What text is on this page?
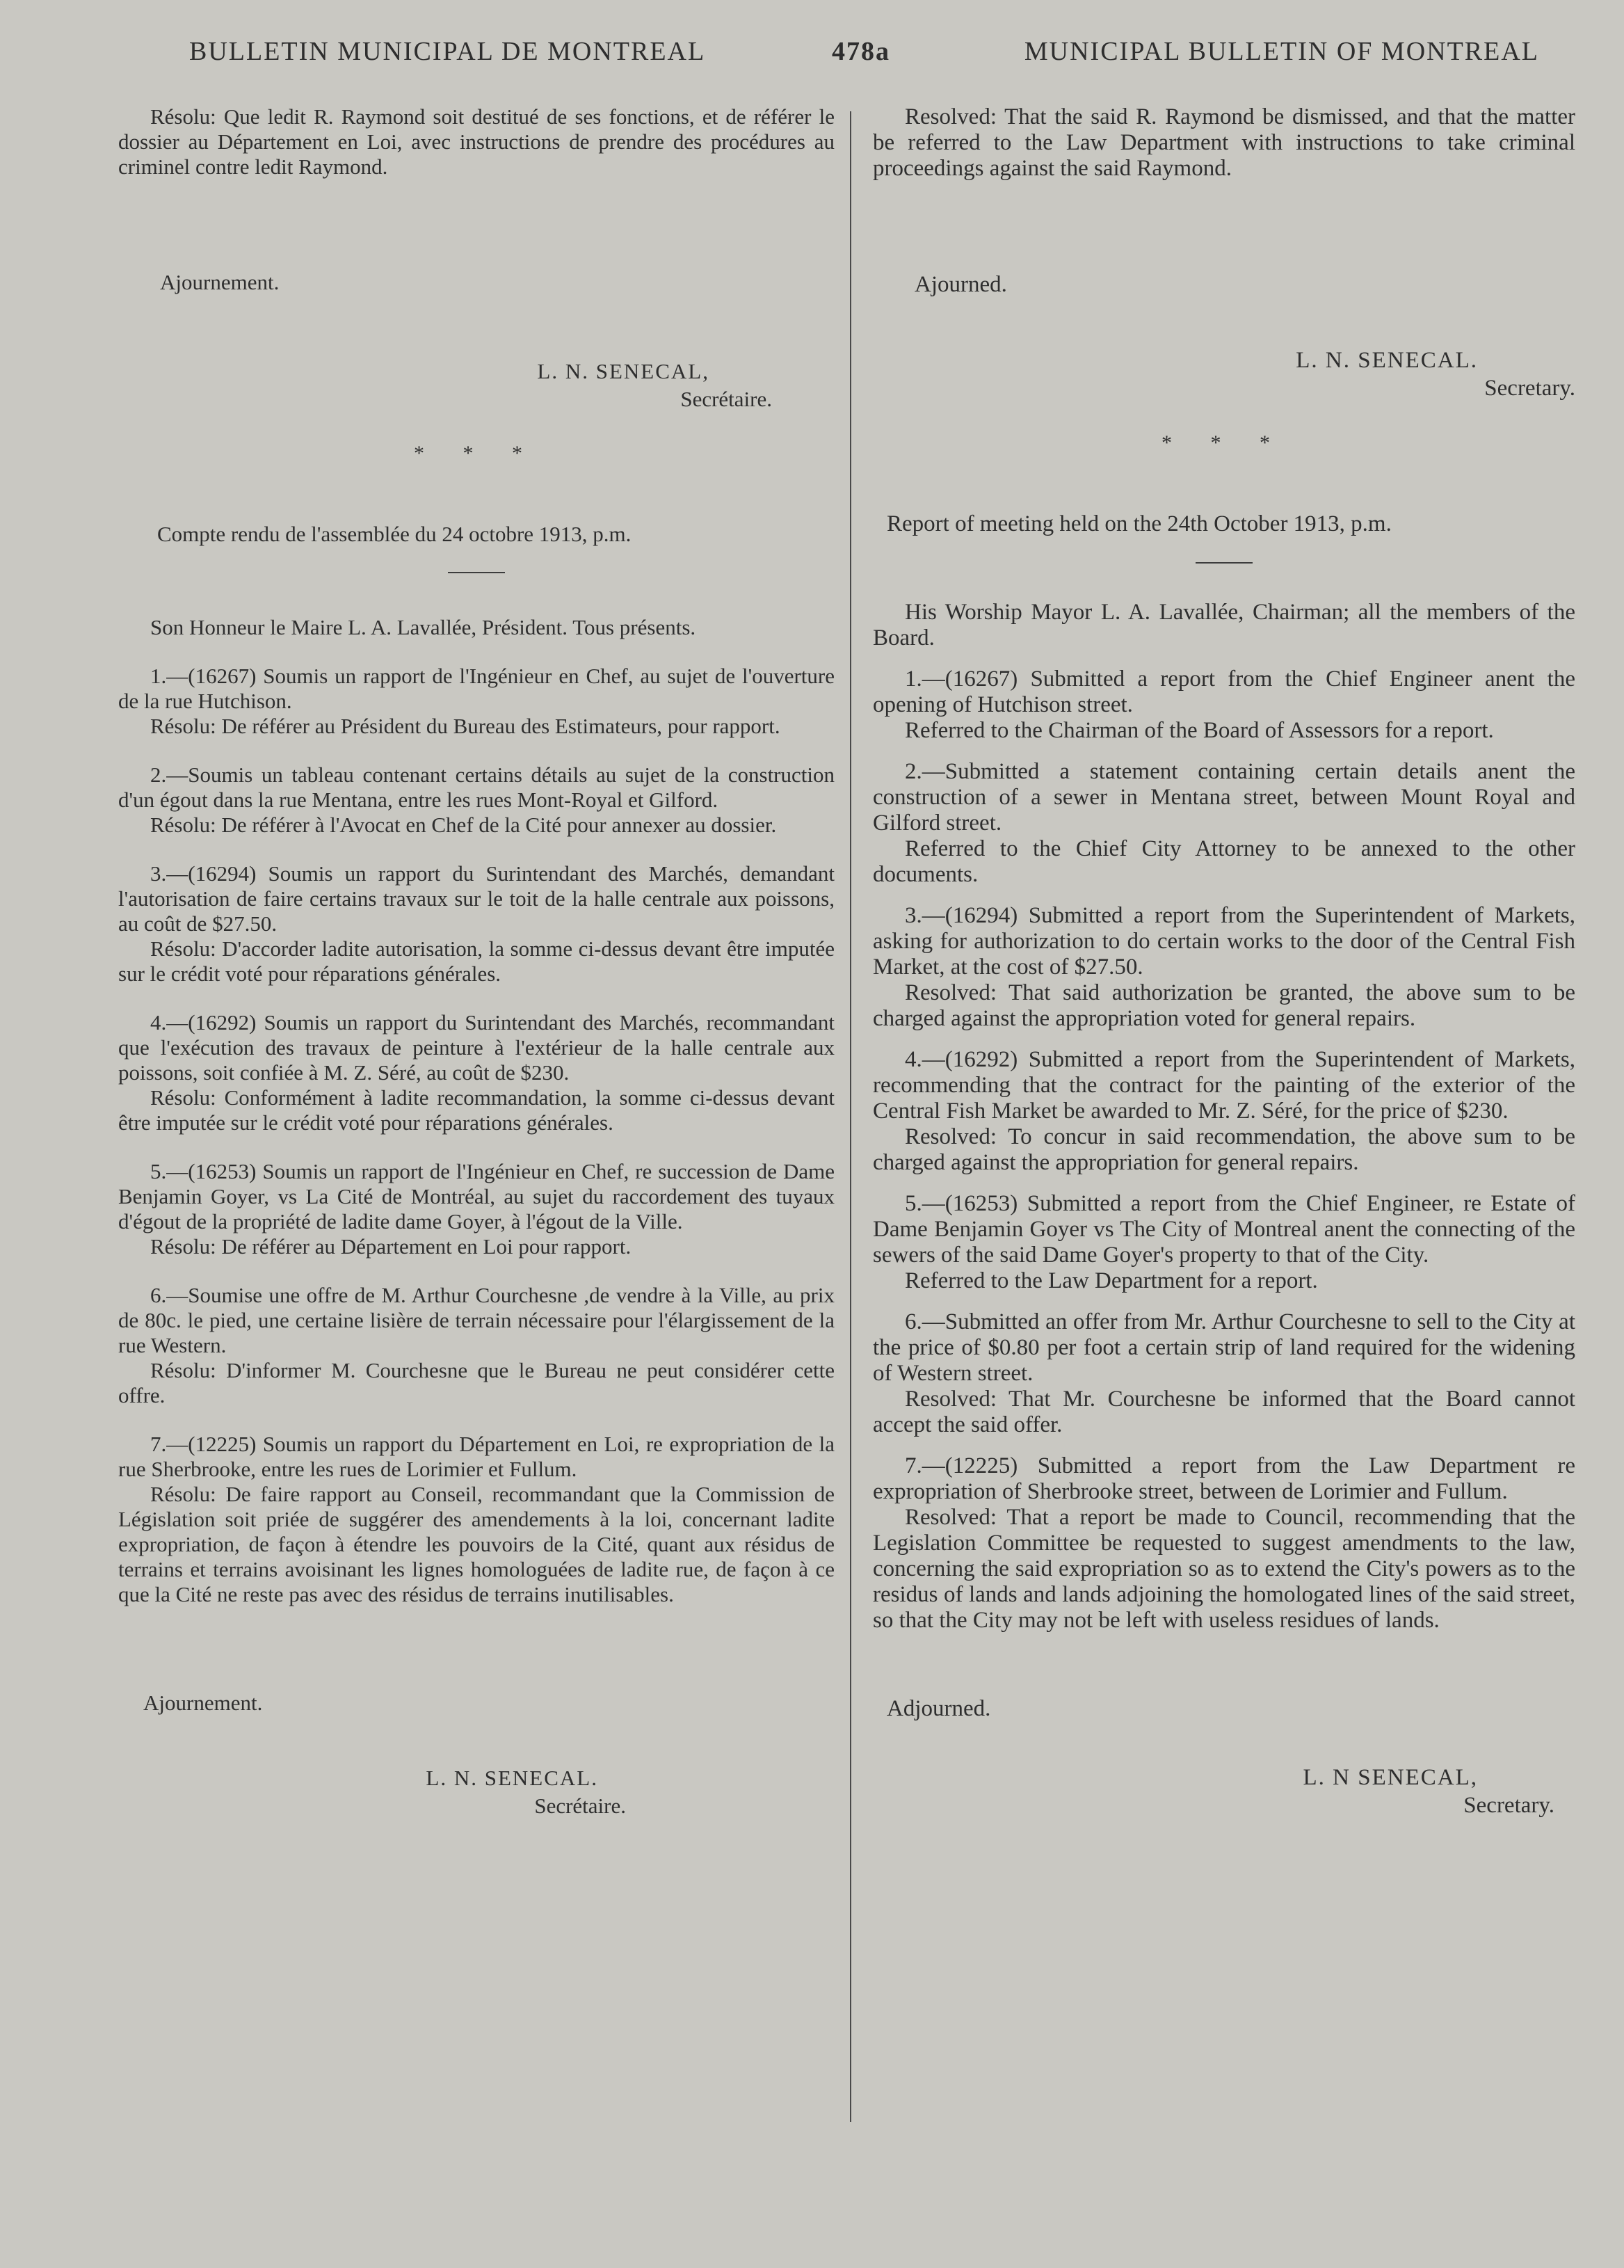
BULLETIN MUNICIPAL DE MONTREAL	478a	MUNICIPAL BULLETIN OF MONTREAL

Résolu: Que ledit R. Raymond soit destitué de ses fonctions, et de référer le dossier au Département en Loi, avec instructions de prendre des procédures au criminel contre ledit Raymond.

Ajournement.

L. N. SENECAL,
Secrétaire.
* * *

Compte rendu de l'assemblée du 24 octobre 1913, p.m.

Son Honneur le Maire L. A. Lavallée, Président. Tous présents.

1.—(16267) Soumis un rapport de l'Ingénieur en Chef, au sujet de l'ouverture de la rue Hutchison.

Résolu: De référer au Président du Bureau des Estimateurs, pour rapport.

2.—Soumis un tableau contenant certains détails au sujet de la construction d'un égout dans la rue Mentana, entre les rues Mont-Royal et Gilford.

Résolu: De référer à l'Avocat en Chef de la Cité pour annexer au dossier.

3.—(16294) Soumis un rapport du Surintendant des Marchés, demandant l'autorisation de faire certains travaux sur le toit de la halle centrale aux poissons, au coût de $27.50.

Résolu: D'accorder ladite autorisation, la somme ci-dessus devant être imputée sur le crédit voté pour réparations générales.

4.—(16292) Soumis un rapport du Surintendant des Marchés, recommandant que l'exécution des travaux de peinture à l'extérieur de la halle centrale aux poissons, soit confiée à M. Z. Séré, au coût de $230.

Résolu: Conformément à ladite recommandation, la somme ci-dessus devant être imputée sur le crédit voté pour réparations générales.

5.—(16253) Soumis un rapport de l'Ingénieur en Chef, re succession de Dame Benjamin Goyer, vs La Cité de Montréal, au sujet du raccordement des tuyaux d'égout de la propriété de ladite dame Goyer, à l'égout de la Ville.

Résolu: De référer au Département en Loi pour rapport.

6.—Soumise une offre de M. Arthur Courchesne ,de vendre à la Ville, au prix de 80c. le pied, une certaine lisière de terrain nécessaire pour l'élargissement de la rue Western.

Résolu: D'informer M. Courchesne que le Bureau ne peut considérer cette offre.

7.—(12225) Soumis un rapport du Département en Loi, re expropriation de la rue Sherbrooke, entre les rues de Lorimier et Fullum.

Résolu: De faire rapport au Conseil, recommandant que la Commission de Législation soit priée de suggérer des amendements à la loi, concernant ladite expropriation, de façon à étendre les pouvoirs de la Cité, quant aux résidus de terrains et terrains avoisinant les lignes homologuées de ladite rue, de façon à ce que la Cité ne reste pas avec des résidus de terrains inutilisables.

Ajournement.

L. N. SENECAL.
Secrétaire.

Resolved: That the said R. Raymond be dismissed, and that the matter be referred to the Law Department with instructions to take criminal proceedings against the said Raymond.

Ajourned.

L. N. SENECAL.
Secretary.
* * *

Report of meeting held on the 24th October 1913, p.m.

His Worship Mayor L. A. Lavallée, Chairman; all the members of the Board.

1.—(16267) Submitted a report from the Chief Engineer anent the opening of Hutchison street.

Referred to the Chairman of the Board of Assessors for a report.

2.—Submitted a statement containing certain details anent the construction of a sewer in Mentana street, between Mount Royal and Gilford street.

Referred to the Chief City Attorney to be annexed to the other documents.

3.—(16294) Submitted a report from the Superintendent of Markets, asking for authorization to do certain works to the door of the Central Fish Market, at the cost of $27.50.

Resolved: That said authorization be granted, the above sum to be charged against the appropriation voted for general repairs.

4.—(16292) Submitted a report from the Superintendent of Markets, recommending that the contract for the painting of the exterior of the Central Fish Market be awarded to Mr. Z. Séré, for the price of $230.

Resolved: To concur in said recommendation, the above sum to be charged against the appropriation for general repairs.

5.—(16253) Submitted a report from the Chief Engineer, re Estate of Dame Benjamin Goyer vs The City of Montreal anent the connecting of the sewers of the said Dame Goyer's property to that of the City.

Referred to the Law Department for a report.

6.—Submitted an offer from Mr. Arthur Courchesne to sell to the City at the price of $0.80 per foot a certain strip of land required for the widening of Western street.

Resolved: That Mr. Courchesne be informed that the Board cannot accept the said offer.

7.—(12225) Submitted a report from the Law Department re expropriation of Sherbrooke street, between de Lorimier and Fullum.

Resolved: That a report be made to Council, recommending that the Legislation Committee be requested to suggest amendments to the law, concerning the said expropriation so as to extend the City's powers as to the residus of lands and lands adjoining the homologated lines of the said street, so that the City may not be left with useless residues of lands.

Adjourned.

L. N SENECAL,
Secretary.
